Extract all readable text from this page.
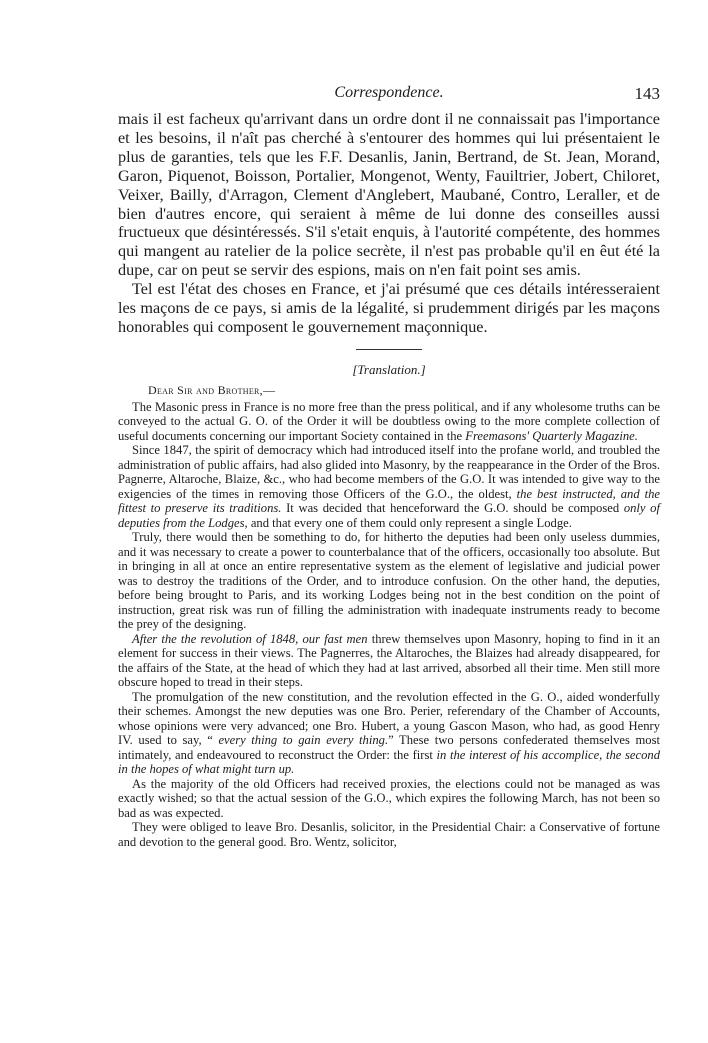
Correspondence.	143

mais il est facheux qu'arrivant dans un ordre dont il ne connaissait pas l'importance et les besoins, il n'aît pas cherché à s'entourer des hommes qui lui présentaient le plus de garanties, tels que les F.F. Desanlis, Janin, Bertrand, de St. Jean, Morand, Garon, Piquenot, Boisson, Portalier, Mongenot, Wenty, Fauiltrier, Jobert, Chiloret, Veixer, Bailly, d'Arragon, Clement d'Anglebert, Maubané, Contro, Leraller, et de bien d'autres encore, qui seraient à même de lui donne des conseilles aussi fructueux que désintéressés. S'il s'etait enquis, à l'autorité compétente, des hommes qui mangent au ratelier de la police secrète, il n'est pas probable qu'il en êut été la dupe, car on peut se servir des espions, mais on n'en fait point ses amis.

Tel est l'état des choses en France, et j'ai présumé que ces détails intéresseraient les maçons de ce pays, si amis de la légalité, si prudemment dirigés par les maçons honorables qui composent le gouvernement maçonnique.

[Translation.]
Dear Sir and Brother,—

The Masonic press in France is no more free than the press political, and if any wholesome truths can be conveyed to the actual G. O. of the Order it will be doubtless owing to the more complete collection of useful documents concerning our important Society contained in the Freemasons' Quarterly Magazine.

Since 1847, the spirit of democracy which had introduced itself into the profane world, and troubled the administration of public affairs, had also glided into Masonry, by the reappearance in the Order of the Bros. Pagnerre, Altaroche, Blaize, &c., who had become members of the G.O. It was intended to give way to the exigencies of the times in removing those Officers of the G.O., the oldest, the best instructed, and the fittest to preserve its traditions. It was decided that henceforward the G.O. should be composed only of deputies from the Lodges, and that every one of them could only represent a single Lodge.

Truly, there would then be something to do, for hitherto the deputies had been only useless dummies, and it was necessary to create a power to counterbalance that of the officers, occasionally too absolute. But in bringing in all at once an entire representative system as the element of legislative and judicial power was to destroy the traditions of the Order, and to introduce confusion. On the other hand, the deputies, before being brought to Paris, and its working Lodges being not in the best condition on the point of instruction, great risk was run of filling the administration with inadequate instruments ready to become the prey of the designing.

After the the revolution of 1848, our fast men threw themselves upon Masonry, hoping to find in it an element for success in their views. The Pagnerres, the Altaroches, the Blaizes had already disappeared, for the affairs of the State, at the head of which they had at last arrived, absorbed all their time. Men still more obscure hoped to tread in their steps.

The promulgation of the new constitution, and the revolution effected in the G. O., aided wonderfully their schemes. Amongst the new deputies was one Bro. Perier, referendary of the Chamber of Accounts, whose opinions were very advanced; one Bro. Hubert, a young Gascon Mason, who had, as good Henry IV. used to say, “ every thing to gain every thing.” These two persons confederated themselves most intimately, and endeavoured to reconstruct the Order: the first in the interest of his accomplice, the second in the hopes of what might turn up.

As the majority of the old Officers had received proxies, the elections could not be managed as was exactly wished; so that the actual session of the G.O., which expires the following March, has not been so bad as was expected.

They were obliged to leave Bro. Desanlis, solicitor, in the Presidential Chair: a Conservative of fortune and devotion to the general good. Bro. Wentz, solicitor,
